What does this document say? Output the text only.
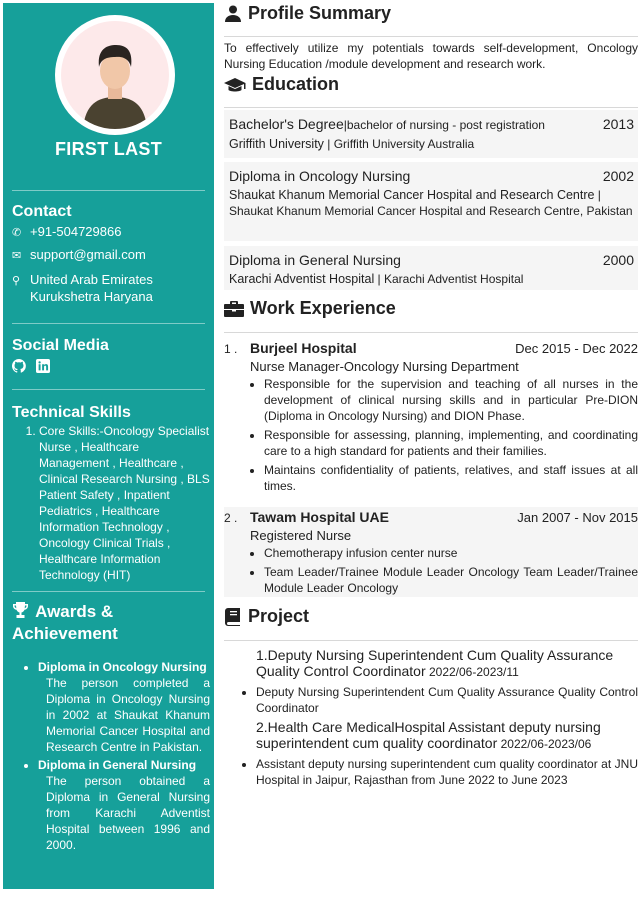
FIRST LAST
Contact
✆ +91-504729866
✉ support@gmail.com
⚲ United Arab Emirates
Kurukshetra Haryana
Social Media

Technical Skills
1. Core Skills:-Oncology Specialist Nurse , Healthcare Management , Healthcare , Clinical Research Nursing , BLS Patient Safety , Inpatient Pediatrics , Healthcare Information Technology , Oncology Clinical Trials , Healthcare Information Technology (HIT)
Awards & Achievement
• Diploma in Oncology Nursing
The person completed a Diploma in Oncology Nursing in 2002 at Shaukat Khanum Memorial Cancer Hospital and Research Centre in Pakistan.
• Diploma in General Nursing
The person obtained a Diploma in General Nursing from Karachi Adventist Hospital between 1996 and 2000.
Profile Summary
To effectively utilize my potentials towards self-development, Oncology Nursing Education /module development and research work.
Education
Bachelor's Degree|bachelor of nursing - post registration	2013
Griffith University | Griffith University Australia
Diploma in Oncology Nursing	2002
Shaukat Khanum Memorial Cancer Hospital and Research Centre | Shaukat Khanum Memorial Cancer Hospital and Research Centre, Pakistan
Diploma in General Nursing	2000
Karachi Adventist Hospital | Karachi Adventist Hospital
Work Experience
1 . Burjeel Hospital	Dec 2015 - Dec 2022
Nurse Manager-Oncology Nursing Department
• Responsible for the supervision and teaching of all nurses in the development of clinical nursing skills and in particular Pre-DION (Diploma in Oncology Nursing) and DION Phase.
• Responsible for assessing, planning, implementing, and coordinating care to a high standard for patients and their families.
• Maintains confidentiality of patients, relatives, and staff issues at all times.
2 . Tawam Hospital UAE	Jan 2007 - Nov 2015
Registered Nurse
• Chemotherapy infusion center nurse
• Team Leader/Trainee Module Leader Oncology Team Leader/Trainee Module Leader Oncology
Project
1.Deputy Nursing Superintendent Cum Quality Assurance Quality Control Coordinator 2022/06-2023/11
• Deputy Nursing Superintendent Cum Quality Assurance Quality Control Coordinator
2.Health Care MedicalHospital Assistant deputy nursing superintendent cum quality coordinator 2022/06-2023/06
• Assistant deputy nursing superintendent cum quality coordinator at JNU Hospital in Jaipur, Rajasthan from June 2022 to June 2023
